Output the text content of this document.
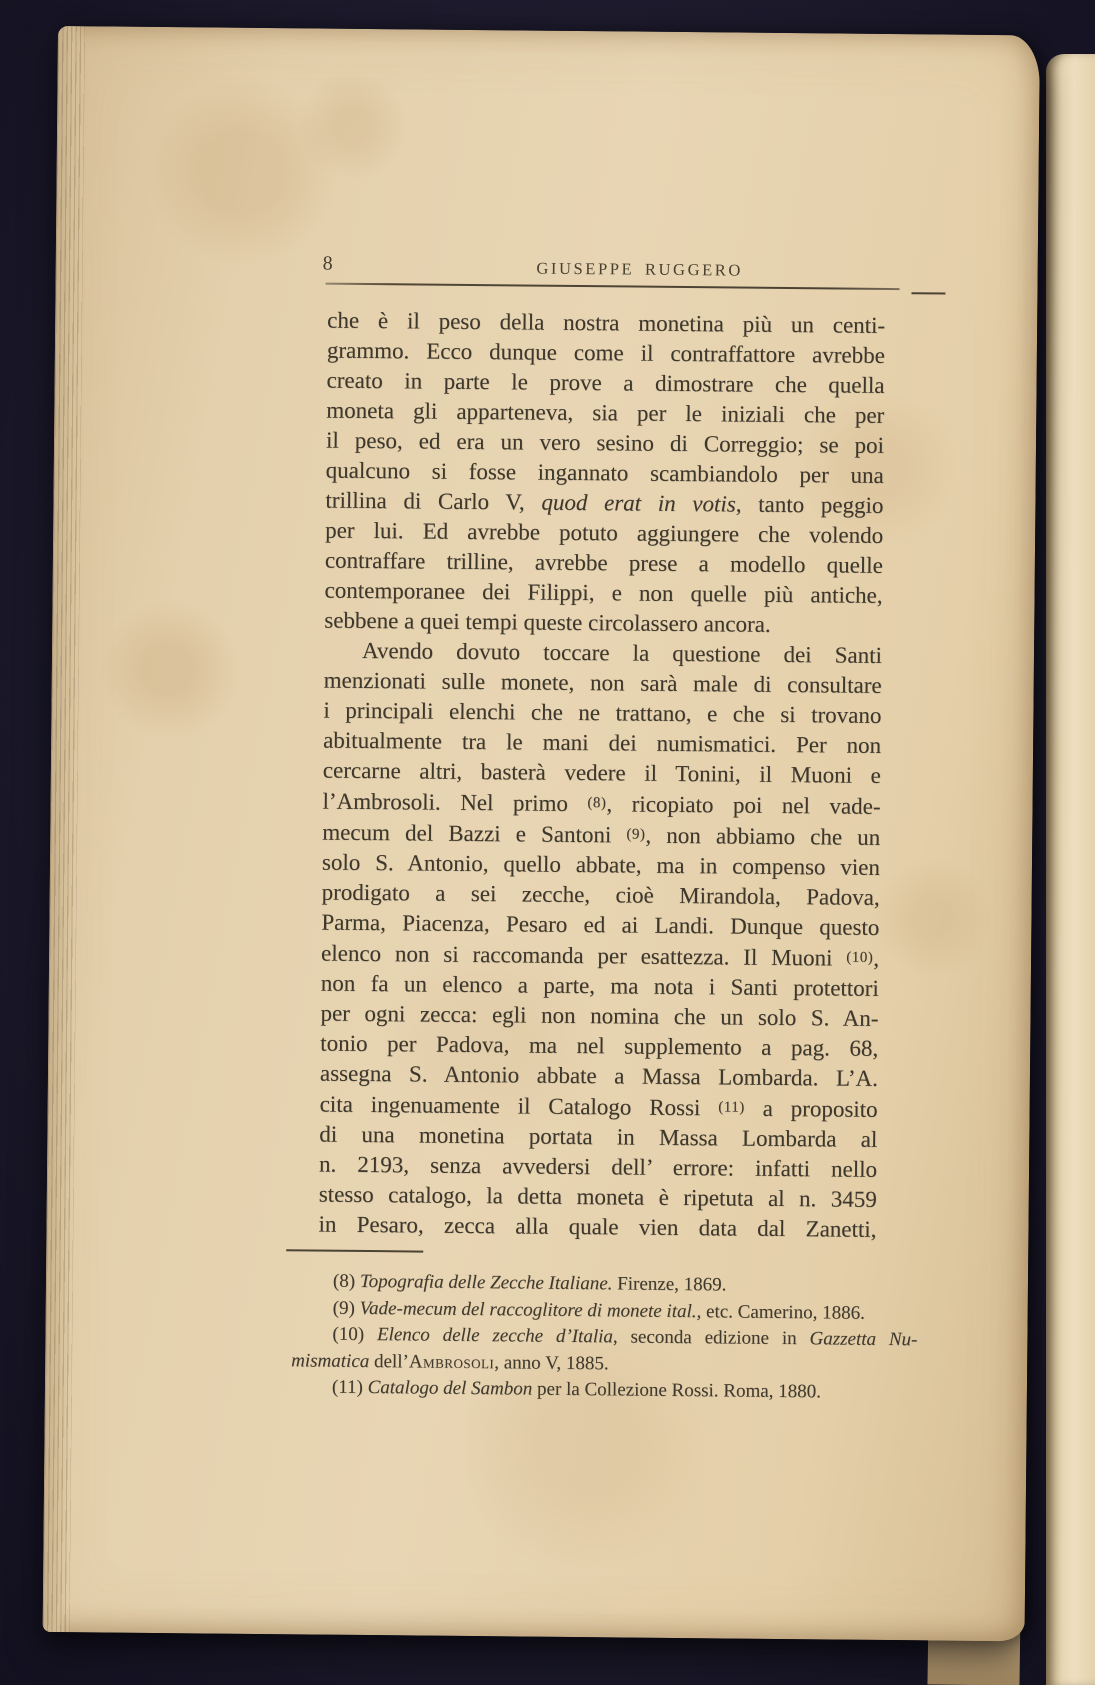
8	GIUSEPPE RUGGERO
che è il peso della nostra monetina più un centi-
grammo. Ecco dunque come il contraffattore avrebbe
creato in parte le prove a dimostrare che quella
moneta gli apparteneva, sia per le iniziali che per
il peso, ed era un vero sesino di Correggio; se poi
qualcuno si fosse ingannato scambiandolo per una
trillina di Carlo V, quod erat in votis, tanto peggio
per lui. Ed avrebbe potuto aggiungere che volendo
contraffare trilline, avrebbe prese a modello quelle
contemporanee dei Filippi, e non quelle più antiche,
sebbene a quei tempi queste circolassero ancora.
Avendo dovuto toccare la questione dei Santi
menzionati sulle monete, non sarà male di consultare
i principali elenchi che ne trattano, e che si trovano
abitualmente tra le mani dei numismatici. Per non
cercarne altri, basterà vedere il Tonini, il Muoni e
l’Ambrosoli. Nel primo (8), ricopiato poi nel vade-
mecum del Bazzi e Santoni (9), non abbiamo che un
solo S. Antonio, quello abbate, ma in compenso vien
prodigato a sei zecche, cioè Mirandola, Padova,
Parma, Piacenza, Pesaro ed ai Landi. Dunque questo
elenco non si raccomanda per esattezza. Il Muoni (10),
non fa un elenco a parte, ma nota i Santi protettori
per ogni zecca: egli non nomina che un solo S. An-
tonio per Padova, ma nel supplemento a pag. 68,
assegna S. Antonio abbate a Massa Lombarda. L’A.
cita ingenuamente il Catalogo Rossi (11) a proposito
di una monetina portata in Massa Lombarda al
n. 2193, senza avvedersi dell’ errore: infatti nello
stesso catalogo, la detta moneta è ripetuta al n. 3459
in Pesaro, zecca alla quale vien data dal Zanetti,
(8) Topografia delle Zecche Italiane. Firenze, 1869.
(9) Vade-mecum del raccoglitore di monete ital., etc. Camerino, 1886.
(10) Elenco delle zecche d’Italia, seconda edizione in Gazzetta Nu-
mismatica dell’Ambrosoli, anno V, 1885.
(11) Catalogo del Sambon per la Collezione Rossi. Roma, 1880.
